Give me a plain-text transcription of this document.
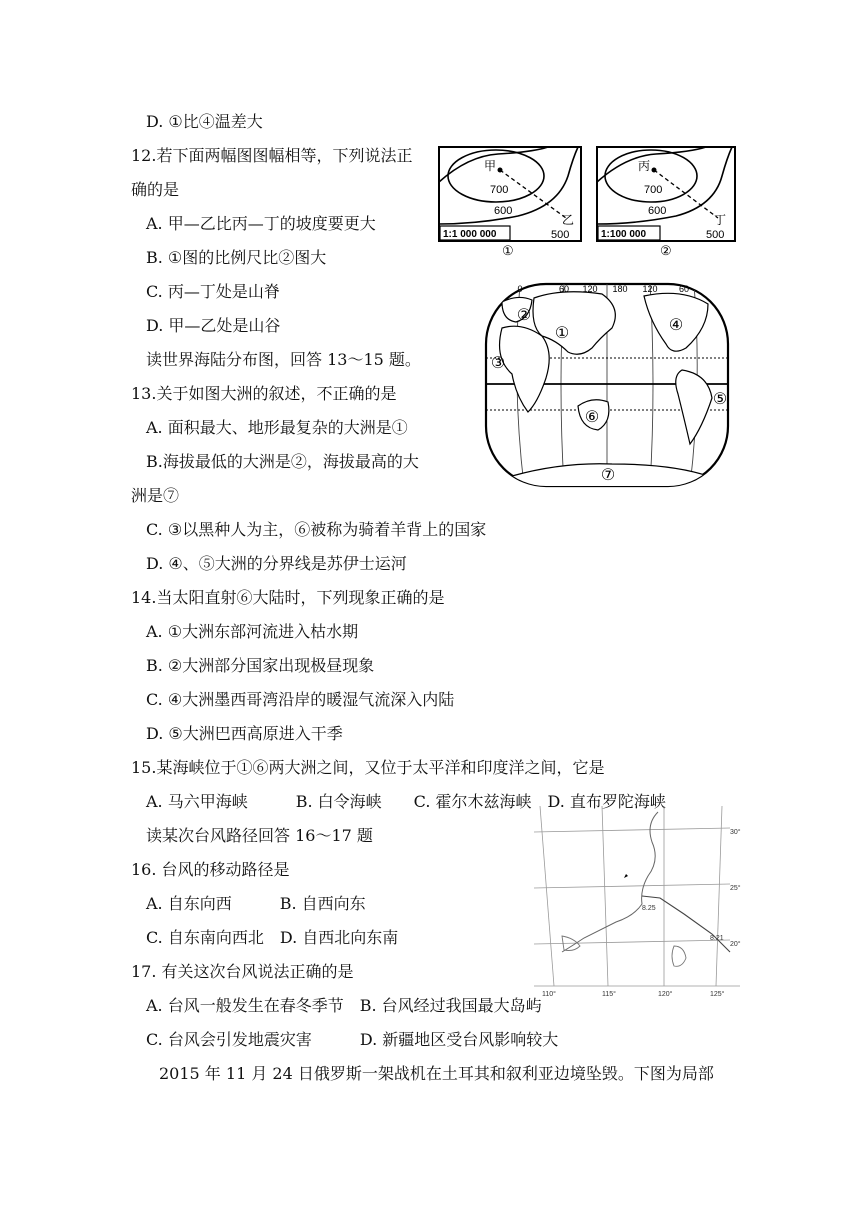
D. ①比④温差大
12.若下面两幅图图幅相等，下列说法正
确的是
A. 甲—乙比丙—丁的坡度要更大
B. ①图的比例尺比②图大
C. 丙—丁处是山脊
D. 甲—乙处是山谷
读世界海陆分布图，回答 13～15 题。
13.关于如图大洲的叙述，不正确的是
A. 面积最大、地形最复杂的大洲是①
B.海拔最低的大洲是②，海拔最高的大
洲是⑦
C. ③以黑种人为主，⑥被称为骑着羊背上的国家
D. ④、⑤大洲的分界线是苏伊士运河
14.当太阳直射⑥大陆时，下列现象正确的是
A. ①大洲东部河流进入枯水期
B. ②大洲部分国家出现极昼现象
C. ④大洲墨西哥湾沿岸的暖湿气流深入内陆
D. ⑤大洲巴西高原进入干季
15.某海峡位于①⑥两大洲之间，又位于太平洋和印度洋之间，它是
A. 马六甲海峡　　　B. 白令海峡　　C. 霍尔木兹海峡　D. 直布罗陀海峡
读某次台风路径回答 16～17 题
16. 台风的移动路径是
A. 自东向西　　　B. 自西向东
C. 自东南向西北　D. 自西北向东南
17. 有关这次台风说法正确的是
A. 台风一般发生在春冬季节　B. 台风经过我国最大岛屿
C. 台风会引发地震灾害　　　D. 新疆地区受台风影响较大
2015 年 11 月 24 日俄罗斯一架战机在土耳其和叙利亚边境坠毁。下图为局部
甲
乙
700
600
500
1:1 000 000
①
丙
丁
700
600
500
1:100 000
②
0	60 120 180 120 60
①
②
③
④
⑤
⑥
⑦
30°
25°
20°
110°	115°	120°	125°
8.25
8.21
